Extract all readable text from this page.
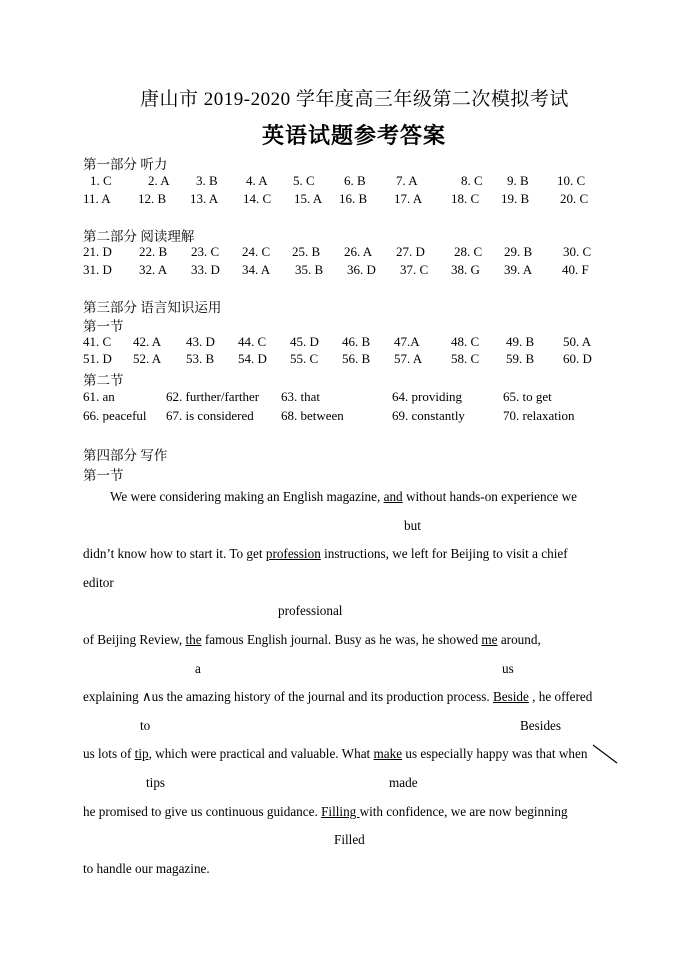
唐山市 2019-2020 学年度高三年级第二次模拟考试
英语试题参考答案
第一部分 听力
1. C	2. A 3. B 4. A 5. C 6. B 7. A	8. C 9. B 10. C
11. A 12. B 13. A 14. C 15. A 16. B 17. A 18. C 19. B 20. C
第二部分 阅读理解
21. D 22. B 23. C 24. C 25. B 26. A 27. D 28. C 29. B 30. C
31. D 32. A 33. D 34. A 35. B 36. D 37. C 38. G 39. A 40. F
第三部分 语言知识运用
第一节
41. C 42. A 43. D 44. C 45. D 46. B 47.A 48. C 49. B 50. A
51. D 52. A 53. B 54. D 55. C 56. B 57. A 58. C 59. B 60. D
第二节
61. an	62. further/farther 63. that	64. providing	65. to get
66. peaceful 67. is considered 68. between	69. constantly	70. relaxation
第四部分 写作
第一节
We were considering making an English magazine, and without hands-on experience we
but
didn’t know how to start it. To get profession instructions, we left for Beijing to visit a chief
editor
professional
of Beijing Review, the famous English journal. Busy as he was, he showed me around,
a	us
explaining ∧us the amazing history of the journal and its production process. Beside , he offered
to	Besides
us lots of tip, which were practical and valuable. What make us especially happy was that when
tips	made
he promised to give us continuous guidance. Filling with confidence, we are now beginning
Filled
to handle our magazine.
